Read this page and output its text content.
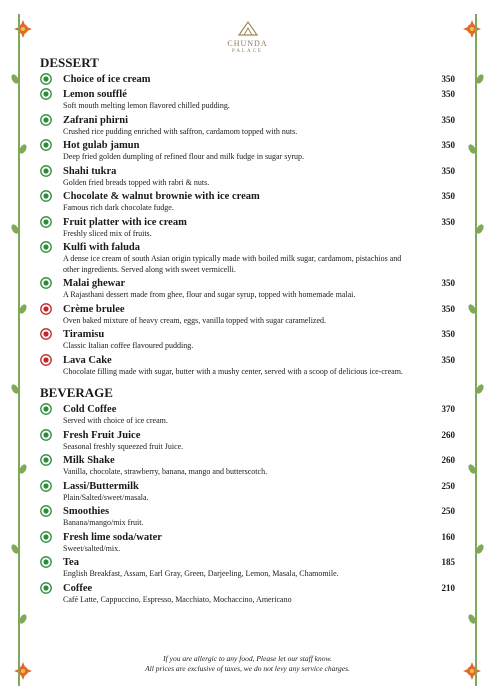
CHUNDA
PALACE
DESSERT
Choice of ice cream	350
Lemon soufflé
Soft mouth melting lemon flavored chilled pudding.
350
Zafrani phirni
Crushed rice pudding enriched with saffron, cardamom topped with nuts.
350
Hot gulab jamun
Deep fried golden dumpling of refined flour and milk fudge in sugar syrup.
350
Shahi tukra
Golden fried breads topped with rabri & nuts.
350
Chocolate & walnut brownie with ice cream
Famous rich dark chocolate fudge.
350
Fruit platter with ice cream
Freshly sliced mix of fruits.
350
Kulfi with faluda
A dense ice cream of south Asian origin typically made with boiled milk sugar, cardamom, pistachios and other ingredients. Served along with sweet vermicelli.
Malai ghewar
A Rajasthani dessert made from ghee, flour and sugar syrup, topped with homemade malai.
350
Crème brulee
Oven baked mixture of heavy cream, eggs, vanilla topped with sugar caramelized.
350
Tiramisu
Classic Italian coffee flavoured pudding.
350
Lava Cake
Chocolate filling made with sugar, butter with a mushy center, served with a scoop of delicious ice-cream.
350
BEVERAGE
Cold Coffee
Served with choice of ice cream.
370
Fresh Fruit Juice
Seasonal freshly squeezed fruit Juice.
260
Milk Shake
Vanilla, chocolate, strawberry, banana, mango and butterscotch.
260
Lassi/Buttermilk
Plain/Salted/sweet/masala.
250
Smoothies
Banana/mango/mix fruit.
250
Fresh lime soda/water
Sweet/salted/mix.
160
Tea
English Breakfast, Assam, Earl Gray, Green, Darjeeling, Lemon, Masala, Chamomile.
185
Coffee
Café Latte, Cappuccino, Espresso, Macchiato, Mochaccino, Americano
210
If you are allergic to any food, Please let our staff know.
All prices are exclusive of taxes, we do not levy any service charges.
